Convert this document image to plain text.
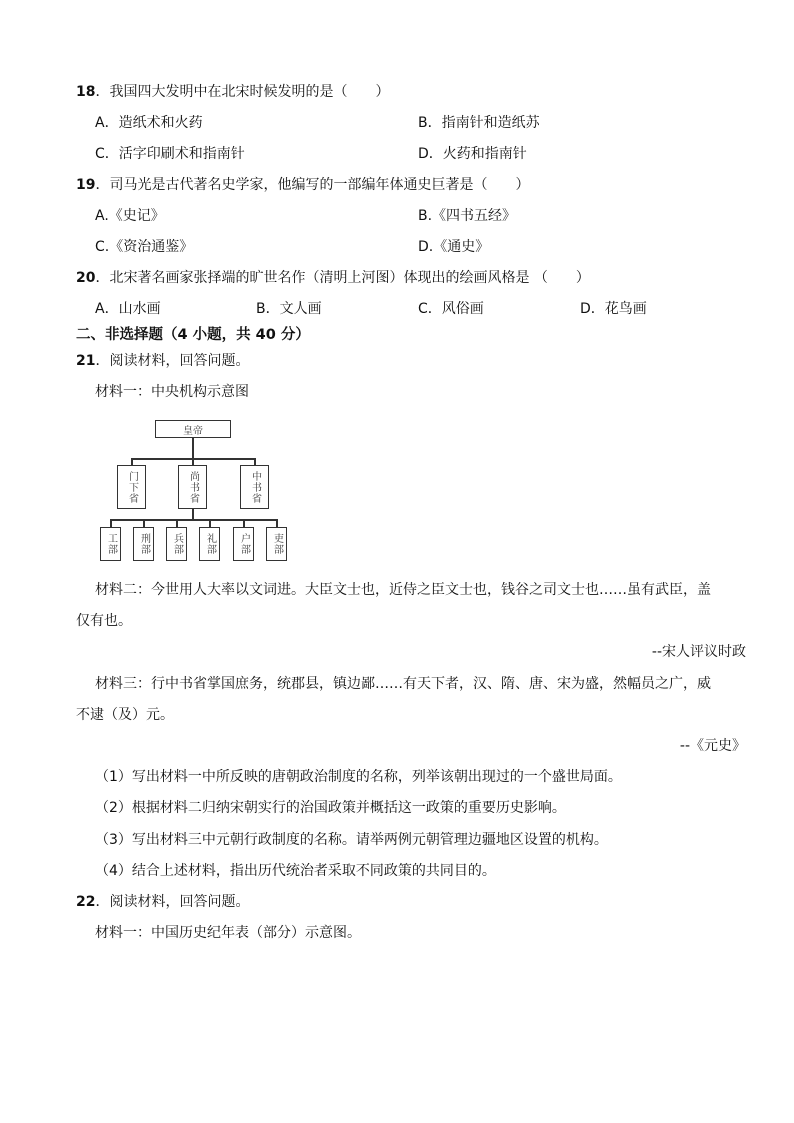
18．我国四大发明中在北宋时候发明的是（　　）
A．造纸术和火药	B．指南针和造纸苏
C．活字印刷术和指南针	D．火药和指南针
19．司马光是古代著名史学家，他编写的一部编年体通史巨著是（　　）
A.《史记》	B.《四书五经》
C.《资治通鉴》	D.《通史》
20．北宋著名画家张择端的旷世名作（清明上河图）体现出的绘画风格是 （　　）
A．山水画	B．文人画	C．风俗画	D．花鸟画
二、非选择题（4 小题，共 40 分）
21．阅读材料，回答问题。
材料一：中央机构示意图
皇帝
门下省	尚书省	中书省
工部 刑部 兵部 礼部 户部 吏部
材料二：今世用人大率以文词进。大臣文士也，近侍之臣文士也，钱谷之司文士也……虽有武臣，盖
仅有也。
--宋人评议时政
材料三：行中书省掌国庶务，统郡县，镇边鄙……有天下者，汉、隋、唐、宋为盛，然幅员之广，威
不逮（及）元。
--《元史》
（1）写出材料一中所反映的唐朝政治制度的名称，列举该朝出现过的一个盛世局面。
（2）根据材料二归纳宋朝实行的治国政策并概括这一政策的重要历史影响。
（3）写出材料三中元朝行政制度的名称。请举两例元朝管理边疆地区设置的机构。
（4）结合上述材料，指出历代统治者采取不同政策的共同目的。
22．阅读材料，回答问题。
材料一：中国历史纪年表（部分）示意图。
